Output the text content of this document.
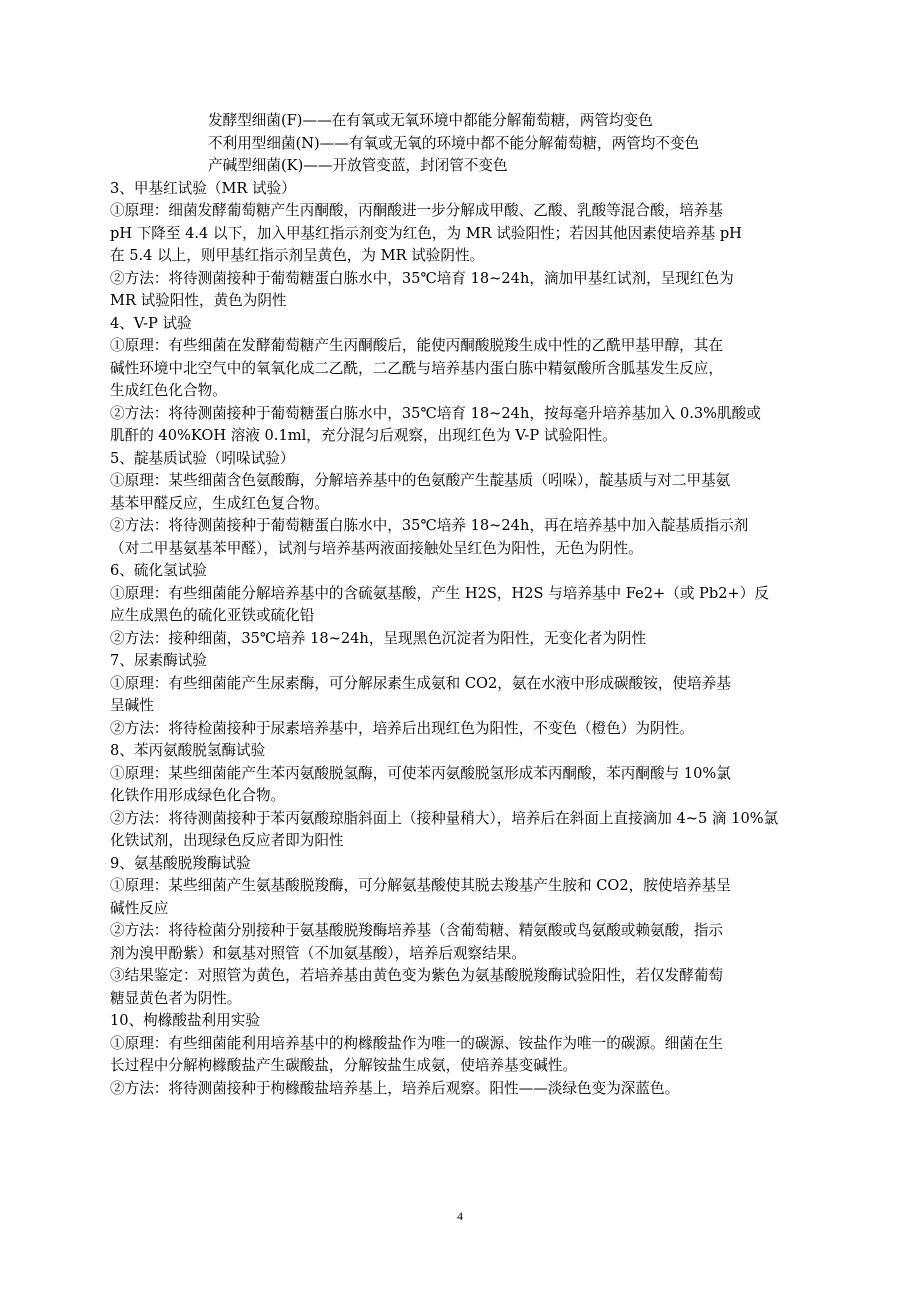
发酵型细菌(F)——在有氧或无氧环境中都能分解葡萄糖，两管均变色
不利用型细菌(N)——有氧或无氧的环境中都不能分解葡萄糖，两管均不变色
产碱型细菌(K)——开放管变蓝，封闭管不变色
3、甲基红试验（MR 试验）
①原理：细菌发酵葡萄糖产生丙酮酸，丙酮酸进一步分解成甲酸、乙酸、乳酸等混合酸，培养基
pH 下降至 4.4 以下，加入甲基红指示剂变为红色，为 MR 试验阳性；若因其他因素使培养基 pH
在 5.4 以上，则甲基红指示剂呈黄色，为 MR 试验阴性。
②方法：将待测菌接种于葡萄糖蛋白胨水中，35℃培育 18~24h，滴加甲基红试剂，呈现红色为
MR 试验阳性，黄色为阴性
4、V-P 试验
①原理：有些细菌在发酵葡萄糖产生丙酮酸后，能使丙酮酸脱羧生成中性的乙酰甲基甲醇，其在
碱性环境中北空气中的氧氧化成二乙酰，二乙酰与培养基内蛋白胨中精氨酸所含胍基发生反应，
生成红色化合物。
②方法：将待测菌接种于葡萄糖蛋白胨水中，35℃培育 18~24h，按每毫升培养基加入 0.3%肌酸或
肌酐的 40%KOH 溶液 0.1ml，充分混匀后观察，出现红色为 V-P 试验阳性。
5、靛基质试验（吲哚试验）
①原理：某些细菌含色氨酸酶，分解培养基中的色氨酸产生靛基质（吲哚），靛基质与对二甲基氨
基苯甲醛反应，生成红色复合物。
②方法：将待测菌接种于葡萄糖蛋白胨水中，35℃培养 18~24h，再在培养基中加入靛基质指示剂
（对二甲基氨基苯甲醛），试剂与培养基两液面接触处呈红色为阳性，无色为阴性。
6、硫化氢试验
①原理：有些细菌能分解培养基中的含硫氨基酸，产生 H2S，H2S 与培养基中 Fe2+（或 Pb2+）反
应生成黑色的硫化亚铁或硫化铅
②方法：接种细菌，35℃培养 18~24h，呈现黑色沉淀者为阳性，无变化者为阴性
7、尿素酶试验
①原理：有些细菌能产生尿素酶，可分解尿素生成氨和 CO2，氨在水液中形成碳酸铵，使培养基
呈碱性
②方法：将待检菌接种于尿素培养基中，培养后出现红色为阳性，不变色（橙色）为阴性。
8、苯丙氨酸脱氢酶试验
①原理：某些细菌能产生苯丙氨酸脱氢酶，可使苯丙氨酸脱氢形成苯丙酮酸，苯丙酮酸与 10%氯
化铁作用形成绿色化合物。
②方法：将待测菌接种于苯丙氨酸琼脂斜面上（接种量稍大），培养后在斜面上直接滴加 4~5 滴 10%氯
化铁试剂，出现绿色反应者即为阳性
9、氨基酸脱羧酶试验
①原理：某些细菌产生氨基酸脱羧酶，可分解氨基酸使其脱去羧基产生胺和 CO2，胺使培养基呈
碱性反应
②方法：将待检菌分别接种于氨基酸脱羧酶培养基（含葡萄糖、精氨酸或鸟氨酸或赖氨酸，指示
剂为溴甲酚紫）和氨基对照管（不加氨基酸），培养后观察结果。
③结果鉴定：对照管为黄色，若培养基由黄色变为紫色为氨基酸脱羧酶试验阳性，若仅发酵葡萄
糖显黄色者为阴性。
10、枸橼酸盐利用实验
①原理：有些细菌能利用培养基中的枸橼酸盐作为唯一的碳源、铵盐作为唯一的碳源。细菌在生
长过程中分解枸橼酸盐产生碳酸盐，分解铵盐生成氨，使培养基变碱性。
②方法：将待测菌接种于枸橼酸盐培养基上，培养后观察。阳性——淡绿色变为深蓝色。
4
